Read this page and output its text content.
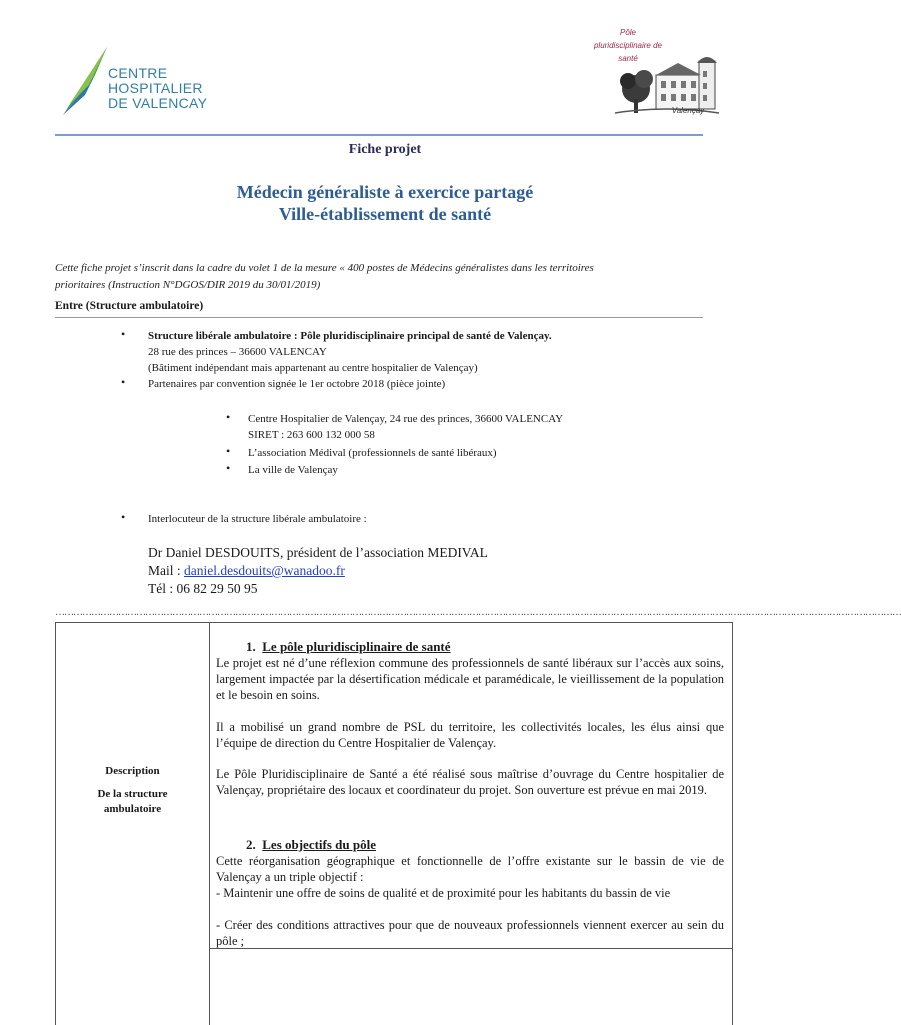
CENTRE
HOSPITALIER
DE VALENCAY
Pôle
pluridisciplinaire de
santé
Valençay
Fiche projet
Médecin généraliste à exercice partagé
Ville-établissement de santé
Cette fiche projet s’inscrit dans la cadre du volet 1 de la mesure « 400 postes de Médecins généralistes dans les territoires
prioritaires (Instruction N°DGOS/DIR 2019 du 30/01/2019)
Entre (Structure ambulatoire)
• Structure libérale ambulatoire : Pôle pluridisciplinaire principal de santé de Valençay.
28 rue des princes – 36600 VALENCAY
(Bâtiment indépendant mais appartenant au centre hospitalier de Valençay)
• Partenaires par convention signée le 1er octobre 2018 (pièce jointe)
• Centre Hospitalier de Valençay, 24 rue des princes, 36600 VALENCAY
SIRET : 263 600 132 000 58
• L’association Médival (professionnels de santé libéraux)
• La ville de Valençay
• Interlocuteur de la structure libérale ambulatoire :
Dr Daniel DESDOUITS, président de l’association MEDIVAL
Mail : daniel.desdouits@wanadoo.fr
Tél : 06 82 29 50 95
…………………………………………………………………………………………………………………………………………………………………………………………………………………………………………………………
Description
De la structure
ambulatoire
1. Le pôle pluridisciplinaire de santé
Le projet est né d’une réflexion commune des professionnels de santé libéraux sur l’accès aux soins, largement impactée par la désertification médicale et paramédicale, le vieillissement de la population et le besoin en soins.
Il a mobilisé un grand nombre de PSL du territoire, les collectivités locales, les élus ainsi que l’équipe de direction du Centre Hospitalier de Valençay.
Le Pôle Pluridisciplinaire de Santé a été réalisé sous maîtrise d’ouvrage du Centre hospitalier de Valençay, propriétaire des locaux et coordinateur du projet. Son ouverture est prévue en mai 2019.
2. Les objectifs du pôle
Cette réorganisation géographique et fonctionnelle de l’offre existante sur le bassin de vie de Valençay a un triple objectif :
- Maintenir une offre de soins de qualité et de proximité pour les habitants du bassin de vie
- Créer des conditions attractives pour que de nouveaux professionnels viennent exercer au sein du pôle ;
